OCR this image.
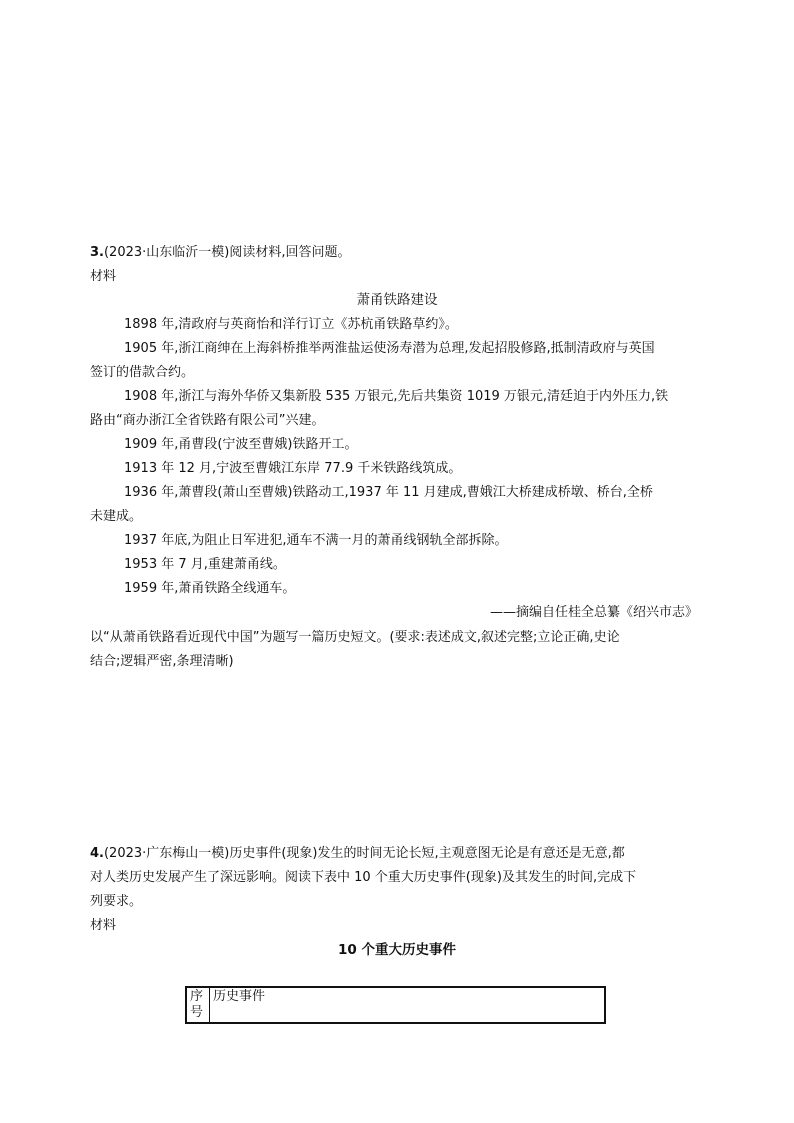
3.(2023·山东临沂一模)阅读材料,回答问题。
材料
萧甬铁路建设
1898 年,清政府与英商怡和洋行订立《苏杭甬铁路草约》。
1905 年,浙江商绅在上海斜桥推举两淮盐运使汤寿潜为总理,发起招股修路,抵制清政府与英国
签订的借款合约。
1908 年,浙江与海外华侨又集新股 535 万银元,先后共集资 1019 万银元,清廷迫于内外压力,铁
路由“商办浙江全省铁路有限公司”兴建。
1909 年,甬曹段(宁波至曹娥)铁路开工。
1913 年 12 月,宁波至曹娥江东岸 77.9 千米铁路线筑成。
1936 年,萧曹段(萧山至曹娥)铁路动工,1937 年 11 月建成,曹娥江大桥建成桥墩、桥台,全桥
未建成。
1937 年底,为阻止日军进犯,通车不满一月的萧甬线钢轨全部拆除。
1953 年 7 月,重建萧甬线。
1959 年,萧甬铁路全线通车。
——摘编自任桂全总纂《绍兴市志》
以“从萧甬铁路看近现代中国”为题写一篇历史短文。(要求:表述成文,叙述完整;立论正确,史论
结合;逻辑严密,条理清晰)
4.(2023·广东梅山一模)历史事件(现象)发生的时间无论长短,主观意图无论是有意还是无意,都
对人类历史发展产生了深远影响。阅读下表中 10 个重大历史事件(现象)及其发生的时间,完成下
列要求。
材料
10 个重大历史事件
序号	历史事件
